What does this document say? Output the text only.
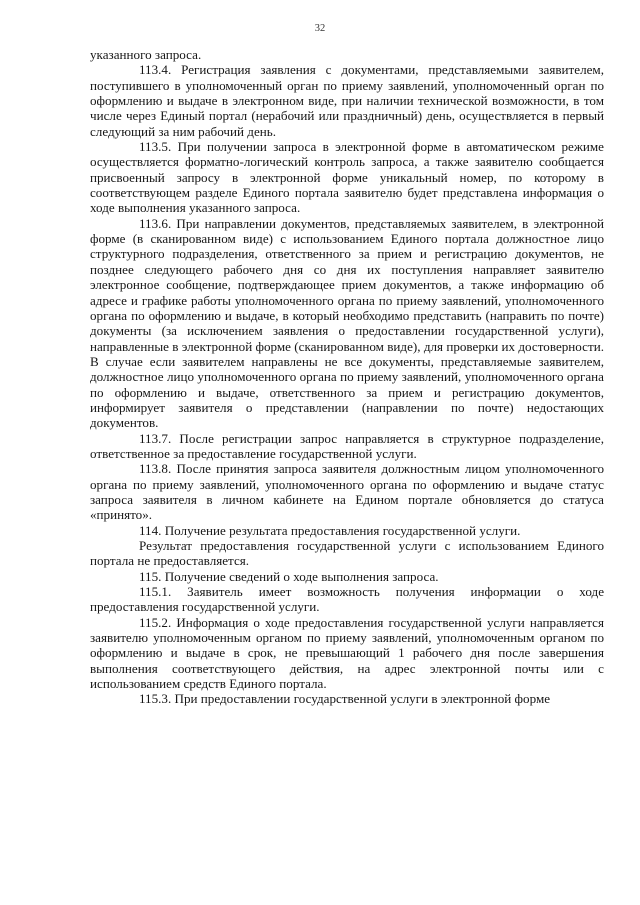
32

указанного запроса.

113.4. Регистрация заявления с документами, представляемыми заявителем, поступившего в уполномоченный орган по приему заявлений, уполномоченный орган по оформлению и выдаче в электронном виде, при наличии технической возможности, в том числе через Единый портал (нерабочий или праздничный) день, осуществляется в первый следующий за ним рабочий день.

113.5. При получении запроса в электронной форме в автоматическом режиме осуществляется форматно-логический контроль запроса, а также заявителю сообщается присвоенный запросу в электронной форме уникальный номер, по которому в соответствующем разделе Единого портала заявителю будет представлена информация о ходе выполнения указанного запроса.

113.6. При направлении документов, представляемых заявителем, в электронной форме (в сканированном виде) с использованием Единого портала должностное лицо структурного подразделения, ответственного за прием и регистрацию документов, не позднее следующего рабочего дня со дня их поступления направляет заявителю электронное сообщение, подтверждающее прием документов, а также информацию об адресе и графике работы уполномоченного органа по приему заявлений, уполномоченного органа по оформлению и выдаче, в который необходимо представить (направить по почте) документы (за исключением заявления о предоставлении государственной услуги), направленные в электронной форме (сканированном виде), для проверки их достоверности. В случае если заявителем направлены не все документы, представляемые заявителем, должностное лицо уполномоченного органа по приему заявлений, уполномоченного органа по оформлению и выдаче, ответственного за прием и регистрацию документов, информирует заявителя о представлении (направлении по почте) недостающих документов.

113.7. После регистрации запрос направляется в структурное подразделение, ответственное за предоставление государственной услуги.

113.8. После принятия запроса заявителя должностным лицом уполномоченного органа по приему заявлений, уполномоченного органа по оформлению и выдаче статус запроса заявителя в личном кабинете на Едином портале обновляется до статуса «принято».

114. Получение результата предоставления государственной услуги.

Результат предоставления государственной услуги с использованием Единого портала не предоставляется.

115. Получение сведений о ходе выполнения запроса.

115.1. Заявитель имеет возможность получения информации о ходе предоставления государственной услуги.

115.2. Информация о ходе предоставления государственной услуги направляется заявителю уполномоченным органом по приему заявлений, уполномоченным органом по оформлению и выдаче в срок, не превышающий 1 рабочего дня после завершения выполнения соответствующего действия, на адрес электронной почты или с использованием средств Единого портала.

115.3. При предоставлении государственной услуги в электронной форме
